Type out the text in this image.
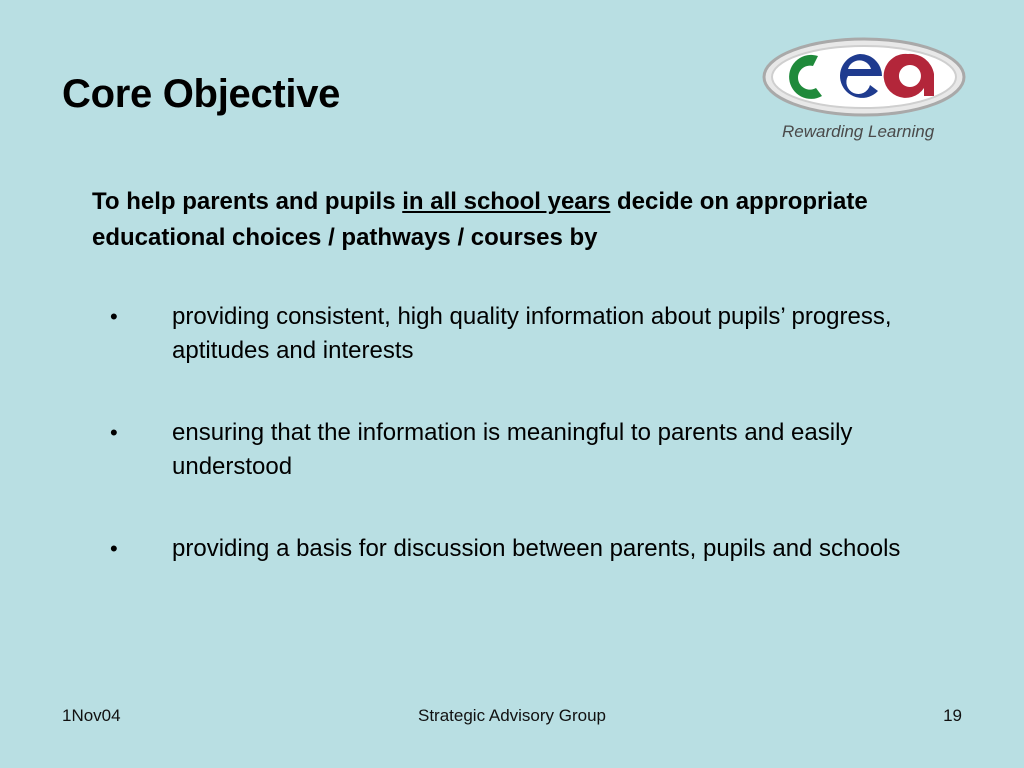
Core Objective
Rewarding Learning
To help parents and pupils in all school years decide on appropriate educational choices / pathways / courses by
• providing consistent, high quality information about pupils’ progress, aptitudes and interests
• ensuring that the information is meaningful to parents and easily understood
• providing a basis for discussion between parents, pupils and schools
1Nov04	Strategic Advisory Group	19
